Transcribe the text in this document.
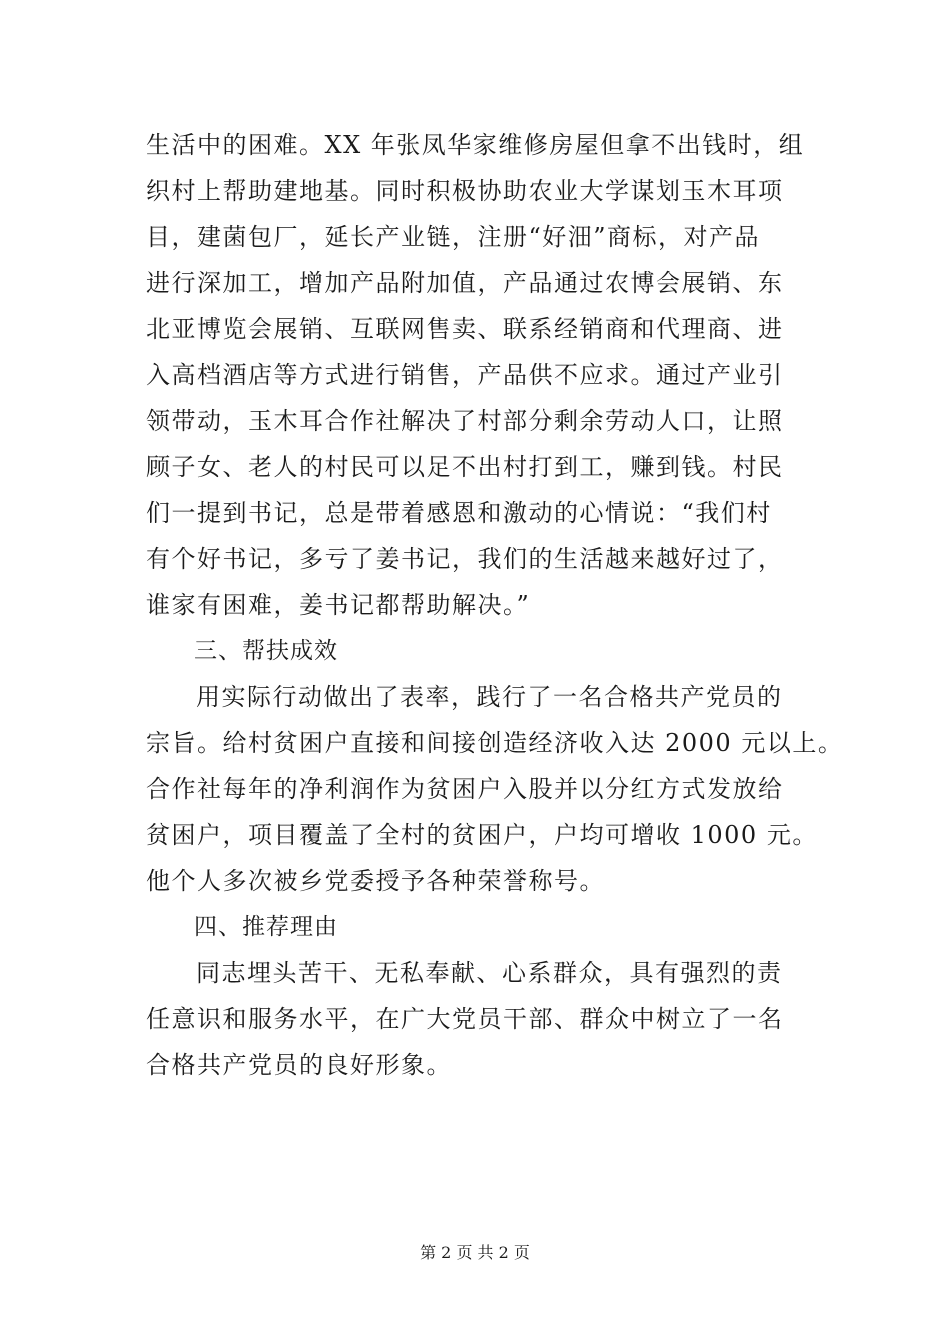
生活中的困难。XX 年张凤华家维修房屋但拿不出钱时，组
织村上帮助建地基。同时积极协助农业大学谋划玉木耳项
目，建菌包厂，延长产业链，注册“好沺”商标，对产品
进行深加工，增加产品附加值，产品通过农博会展销、东
北亚博览会展销、互联网售卖、联系经销商和代理商、进
入高档酒店等方式进行销售，产品供不应求。通过产业引
领带动，玉木耳合作社解决了村部分剩余劳动人口，让照
顾子女、老人的村民可以足不出村打到工，赚到钱。村民
们一提到书记，总是带着感恩和激动的心情说：“我们村
有个好书记，多亏了姜书记，我们的生活越来越好过了，
谁家有困难，姜书记都帮助解决。”
三、帮扶成效
用实际行动做出了表率，践行了一名合格共产党员的
宗旨。给村贫困户直接和间接创造经济收入达 2000 元以上。
合作社每年的净利润作为贫困户入股并以分红方式发放给
贫困户，项目覆盖了全村的贫困户，户均可增收 1000 元。
他个人多次被乡党委授予各种荣誉称号。
四、推荐理由
同志埋头苦干、无私奉献、心系群众，具有强烈的责
任意识和服务水平，在广大党员干部、群众中树立了一名
合格共产党员的良好形象。
第 2 页 共 2 页
